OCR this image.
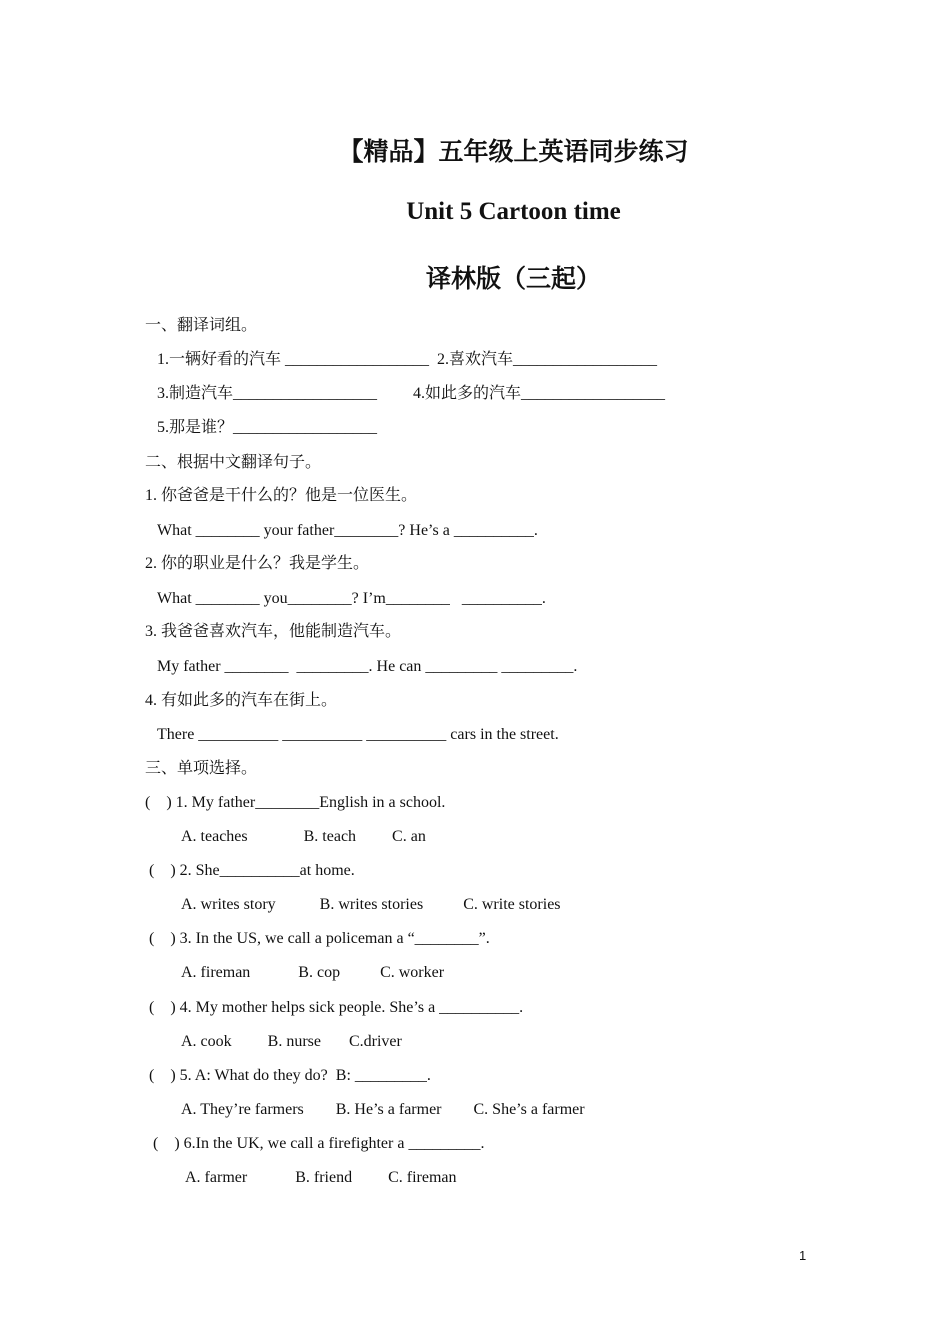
【精品】五年级上英语同步练习
Unit 5 Cartoon time
译林版（三起）
一、翻译词组。
1.一辆好看的汽车 __________________  2.喜欢汽车__________________
3.制造汽车__________________         4.如此多的汽车__________________
5.那是谁？__________________
二、根据中文翻译句子。
1. 你爸爸是干什么的？他是一位医生。
What ________ your father________? He’s a __________.
2. 你的职业是什么？我是学生。
What ________ you________? I’m________   __________.
3. 我爸爸喜欢汽车，他能制造汽车。
My father ________  _________. He can _________ _________.
4. 有如此多的汽车在街上。
There __________ __________ __________ cars in the street.
三、单项选择。
(    ) 1. My father________English in a school.
A. teaches              B. teach         C. an
(    ) 2. She__________at home.
A. writes story           B. writes stories          C. write stories
(    ) 3. In the US, we call a policeman a “________”.
A. fireman            B. cop          C. worker
(    ) 4. My mother helps sick people. She’s a __________.
A. cook         B. nurse       C.driver
(    ) 5. A: What do they do?  B: _________.
A. They’re farmers        B. He’s a farmer        C. She’s a farmer
(    ) 6.In the UK, we call a firefighter a _________.
A. farmer            B. friend         C. fireman
1
